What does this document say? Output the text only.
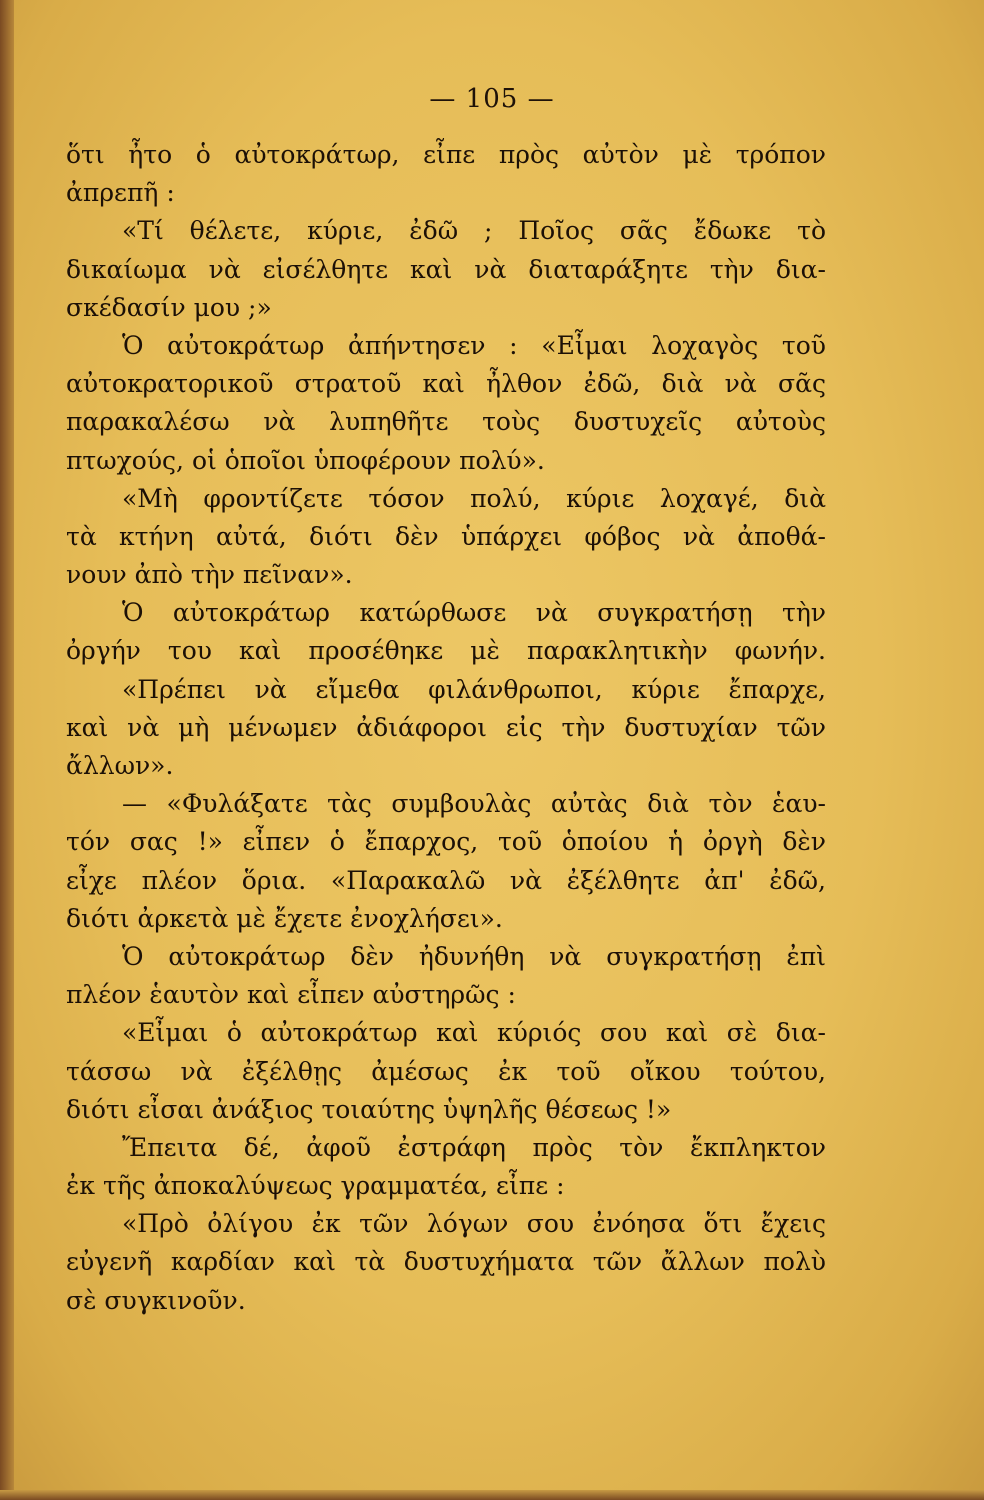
— 105 —
ὅτι ἦτο ὁ αὐτοκράτωρ, εἶπε πρὸς αὐτὸν μὲ τρόπον
ἀπρεπῆ :
«Τί θέλετε, κύριε, ἐδῶ ; Ποῖος σᾶς ἔδωκε τὸ
δικαίωμα νὰ εἰσέλθητε καὶ νὰ διαταράξητε τὴν δια-
σκέδασίν μου ;»
Ὁ αὐτοκράτωρ ἀπήντησεν : «Εἶμαι λοχαγὸς τοῦ
αὐτοκρατορικοῦ στρατοῦ καὶ ἦλθον ἐδῶ, διὰ νὰ σᾶς
παρακαλέσω νὰ λυπηθῆτε τοὺς δυστυχεῖς αὐτοὺς
πτωχούς, οἱ ὁποῖοι ὑποφέρουν πολύ».
«Μὴ φροντίζετε τόσον πολύ, κύριε λοχαγέ, διὰ
τὰ κτήνη αὐτά, διότι δὲν ὑπάρχει φόβος νὰ ἀποθά-
νουν ἀπὸ τὴν πεῖναν».
Ὁ αὐτοκράτωρ κατώρθωσε νὰ συγκρατήσῃ τὴν
ὀργήν του καὶ προσέθηκε μὲ παρακλητικὴν φωνήν.
«Πρέπει νὰ εἴμεθα φιλάνθρωποι, κύριε ἔπαρχε,
καὶ νὰ μὴ μένωμεν ἀδιάφοροι εἰς τὴν δυστυχίαν τῶν
ἄλλων».
— «Φυλάξατε τὰς συμβουλὰς αὐτὰς διὰ τὸν ἑαυ-
τόν σας !» εἶπεν ὁ ἔπαρχος, τοῦ ὁποίου ἡ ὀργὴ δὲν
εἶχε πλέον ὅρια. «Παρακαλῶ νὰ ἐξέλθητε ἀπ' ἐδῶ,
διότι ἀρκετὰ μὲ ἔχετε ἐνοχλήσει».
Ὁ αὐτοκράτωρ δὲν ἠδυνήθη νὰ συγκρατήσῃ ἐπὶ
πλέον ἑαυτὸν καὶ εἶπεν αὐστηρῶς :
«Εἶμαι ὁ αὐτοκράτωρ καὶ κύριός σου καὶ σὲ δια-
τάσσω νὰ ἐξέλθῃς ἀμέσως ἐκ τοῦ οἴκου τούτου,
διότι εἶσαι ἀνάξιος τοιαύτης ὑψηλῆς θέσεως !»
Ἔπειτα δέ, ἀφοῦ ἐστράφη πρὸς τὸν ἔκπληκτον
ἐκ τῆς ἀποκαλύψεως γραμματέα, εἶπε :
«Πρὸ ὀλίγου ἐκ τῶν λόγων σου ἐνόησα ὅτι ἔχεις
εὐγενῆ καρδίαν καὶ τὰ δυστυχήματα τῶν ἄλλων πολὺ
σὲ συγκινοῦν.
